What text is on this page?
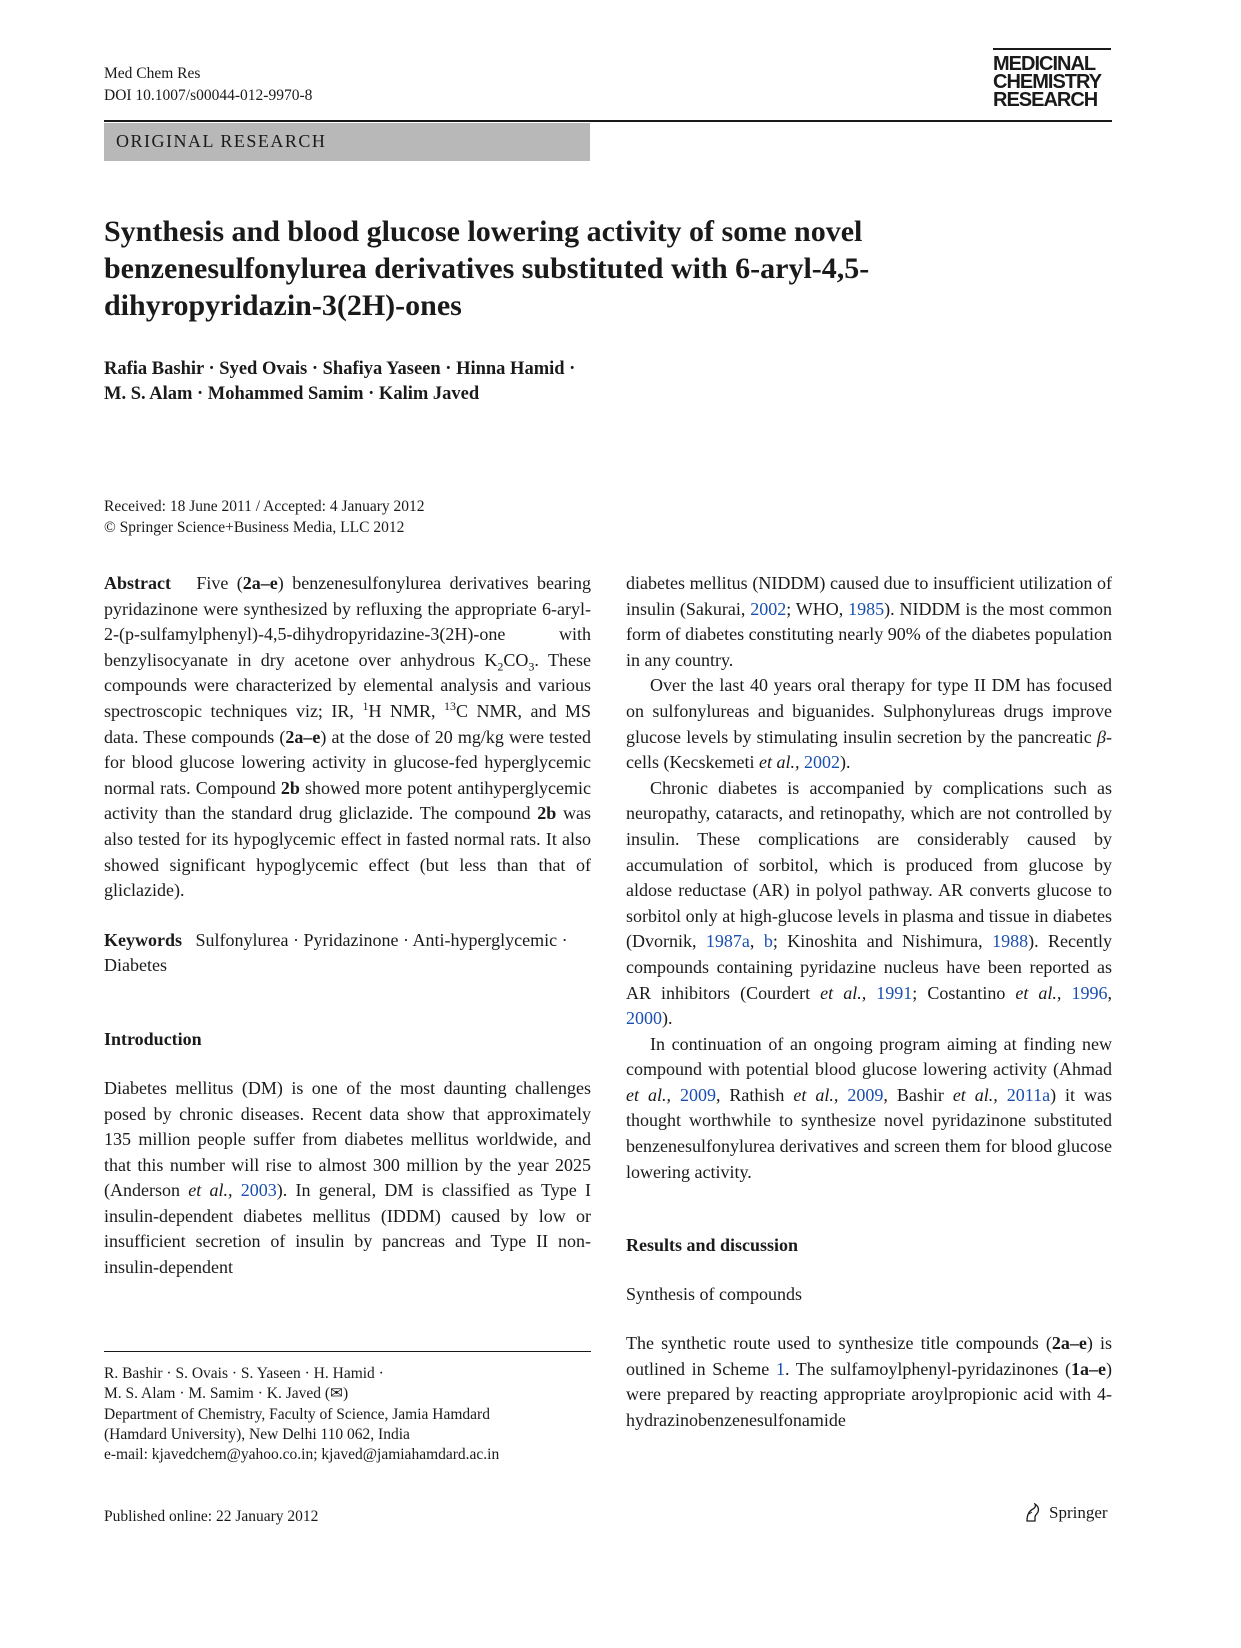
Med Chem Res
DOI 10.1007/s00044-012-9970-8
MEDICINAL
CHEMISTRY
RESEARCH
ORIGINAL RESEARCH
Synthesis and blood glucose lowering activity of some novel benzenesulfonylurea derivatives substituted with 6-aryl-4,5-dihyropyridazin-3(2H)-ones
Rafia Bashir · Syed Ovais · Shafiya Yaseen · Hinna Hamid ·
M. S. Alam · Mohammed Samim · Kalim Javed
Received: 18 June 2011 / Accepted: 4 January 2012
© Springer Science+Business Media, LLC 2012

Abstract Five (2a–e) benzenesulfonylurea derivatives bearing pyridazinone were synthesized by refluxing the appropriate 6-aryl-2-(p-sulfamylphenyl)-4,5-dihydropyridazine-3(2H)-one with benzylisocyanate in dry acetone over anhydrous $K_2CO_3$. These compounds were characterized by elemental analysis and various spectroscopic techniques viz; IR, $^1$H NMR, $^{13}$C NMR, and MS data. These compounds (2a–e) at the dose of 20 mg/kg were tested for blood glucose lowering activity in glucose-fed hyperglycemic normal rats. Compound 2b showed more potent antihyperglycemic activity than the standard drug gliclazide. The compound 2b was also tested for its hypoglycemic effect in fasted normal rats. It also showed significant hypoglycemic effect (but less than that of gliclazide).

Keywords Sulfonylurea · Pyridazinone · Anti-hyperglycemic · Diabetes

Introduction

Diabetes mellitus (DM) is one of the most daunting challenges posed by chronic diseases. Recent data show that approximately 135 million people suffer from diabetes mellitus worldwide, and that this number will rise to almost 300 million by the year 2025 (Anderson et al., 2003). In general, DM is classified as Type I insulin-dependent diabetes mellitus (IDDM) caused by low or insufficient secretion of insulin by pancreas and Type II non-insulin-dependent

R. Bashir · S. Ovais · S. Yaseen · H. Hamid ·
M. S. Alam · M. Samim · K. Javed (✉)
Department of Chemistry, Faculty of Science, Jamia Hamdard
(Hamdard University), New Delhi 110 062, India
e-mail: kjavedchem@yahoo.co.in; kjaved@jamiahamdard.ac.in

diabetes mellitus (NIDDM) caused due to insufficient utilization of insulin (Sakurai, 2002; WHO, 1985). NIDDM is the most common form of diabetes constituting nearly 90% of the diabetes population in any country.

Over the last 40 years oral therapy for type II DM has focused on sulfonylureas and biguanides. Sulphonylureas drugs improve glucose levels by stimulating insulin secretion by the pancreatic β-cells (Kecskemeti et al., 2002).

Chronic diabetes is accompanied by complications such as neuropathy, cataracts, and retinopathy, which are not controlled by insulin. These complications are considerably caused by accumulation of sorbitol, which is produced from glucose by aldose reductase (AR) in polyol pathway. AR converts glucose to sorbitol only at high-glucose levels in plasma and tissue in diabetes (Dvornik, 1987a, b; Kinoshita and Nishimura, 1988). Recently compounds containing pyridazine nucleus have been reported as AR inhibitors (Courdert et al., 1991; Costantino et al., 1996, 2000).

In continuation of an ongoing program aiming at finding new compound with potential blood glucose lowering activity (Ahmad et al., 2009, Rathish et al., 2009, Bashir et al., 2011a) it was thought worthwhile to synthesize novel pyridazinone substituted benzenesulfonylurea derivatives and screen them for blood glucose lowering activity.

Results and discussion
Synthesis of compounds

The synthetic route used to synthesize title compounds (2a–e) is outlined in Scheme 1. The sulfamoylphenyl-pyridazinones (1a–e) were prepared by reacting appropriate aroylpropionic acid with 4-hydrazinobenzenesulfonamide

Published online: 22 January 2012	Springer
